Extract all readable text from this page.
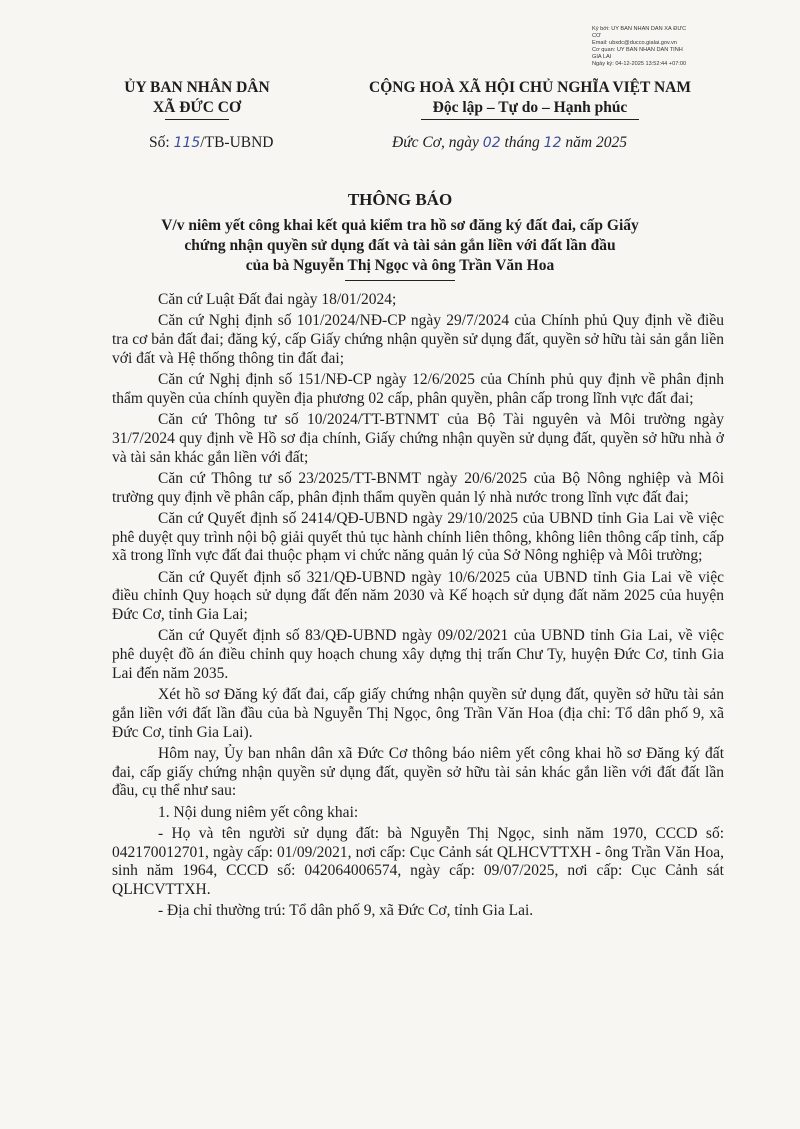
Ký bởi: ỦY BAN NHÂN DÂN XÃ ĐỨC
CƠ
Email: ubxdc@ducco.gialai.gov.vn
Cơ quan: ỦY BAN NHÂN DÂN TỈNH
GIA LAI
Ngày ký: 04-12-2025 13:52:44 +07:00
ỦY BAN NHÂN DÂN
XÃ ĐỨC CƠ
CỘNG HOÀ XÃ HỘI CHỦ NGHĨA VIỆT NAM
Độc lập – Tự do – Hạnh phúc
Số: 115/TB-UBND	Đức Cơ, ngày 02 tháng 12 năm 2025
THÔNG BÁO
V/v niêm yết công khai kết quả kiểm tra hồ sơ đăng ký đất đai, cấp Giấy
chứng nhận quyền sử dụng đất và tài sản gắn liền với đất lần đầu
của bà Nguyễn Thị Ngọc và ông Trần Văn Hoa

Căn cứ Luật Đất đai ngày 18/01/2024;

Căn cứ Nghị định số 101/2024/NĐ-CP ngày 29/7/2024 của Chính phủ Quy định về điều tra cơ bản đất đai; đăng ký, cấp Giấy chứng nhận quyền sử dụng đất, quyền sở hữu tài sản gắn liền với đất và Hệ thống thông tin đất đai;

Căn cứ Nghị định số 151/NĐ-CP ngày 12/6/2025 của Chính phủ quy định về phân định thẩm quyền của chính quyền địa phương 02 cấp, phân quyền, phân cấp trong lĩnh vực đất đai;

Căn cứ Thông tư số 10/2024/TT-BTNMT của Bộ Tài nguyên và Môi trường ngày 31/7/2024 quy định về Hồ sơ địa chính, Giấy chứng nhận quyền sử dụng đất, quyền sở hữu nhà ở và tài sản khác gắn liền với đất;

Căn cứ Thông tư số 23/2025/TT-BNMT ngày 20/6/2025 của Bộ Nông nghiệp và Môi trường quy định về phân cấp, phân định thẩm quyền quản lý nhà nước trong lĩnh vực đất đai;

Căn cứ Quyết định số 2414/QĐ-UBND ngày 29/10/2025 của UBND tỉnh Gia Lai về việc phê duyệt quy trình nội bộ giải quyết thủ tục hành chính liên thông, không liên thông cấp tỉnh, cấp xã trong lĩnh vực đất đai thuộc phạm vi chức năng quản lý của Sở Nông nghiệp và Môi trường;

Căn cứ Quyết định số 321/QĐ-UBND ngày 10/6/2025 của UBND tỉnh Gia Lai về việc điều chỉnh Quy hoạch sử dụng đất đến năm 2030 và Kế hoạch sử dụng đất năm 2025 của huyện Đức Cơ, tỉnh Gia Lai;

Căn cứ Quyết định số 83/QĐ-UBND ngày 09/02/2021 của UBND tỉnh Gia Lai, về việc phê duyệt đồ án điều chỉnh quy hoạch chung xây dựng thị trấn Chư Ty, huyện Đức Cơ, tỉnh Gia Lai đến năm 2035.

Xét hồ sơ Đăng ký đất đai, cấp giấy chứng nhận quyền sử dụng đất, quyền sở hữu tài sản gắn liền với đất lần đầu của bà Nguyễn Thị Ngọc, ông Trần Văn Hoa (địa chỉ: Tổ dân phố 9, xã Đức Cơ, tỉnh Gia Lai).

Hôm nay, Ủy ban nhân dân xã Đức Cơ thông báo niêm yết công khai hồ sơ Đăng ký đất đai, cấp giấy chứng nhận quyền sử dụng đất, quyền sở hữu tài sản khác gắn liền với đất đất lần đầu, cụ thể như sau:

1. Nội dung niêm yết công khai:

- Họ và tên người sử dụng đất: bà Nguyễn Thị Ngọc, sinh năm 1970, CCCD số: 042170012701, ngày cấp: 01/09/2021, nơi cấp: Cục Cảnh sát QLHCVTTXH - ông Trần Văn Hoa, sinh năm 1964, CCCD số: 042064006574, ngày cấp: 09/07/2025, nơi cấp: Cục Cảnh sát QLHCVTTXH.

- Địa chỉ thường trú: Tổ dân phố 9, xã Đức Cơ, tỉnh Gia Lai.
